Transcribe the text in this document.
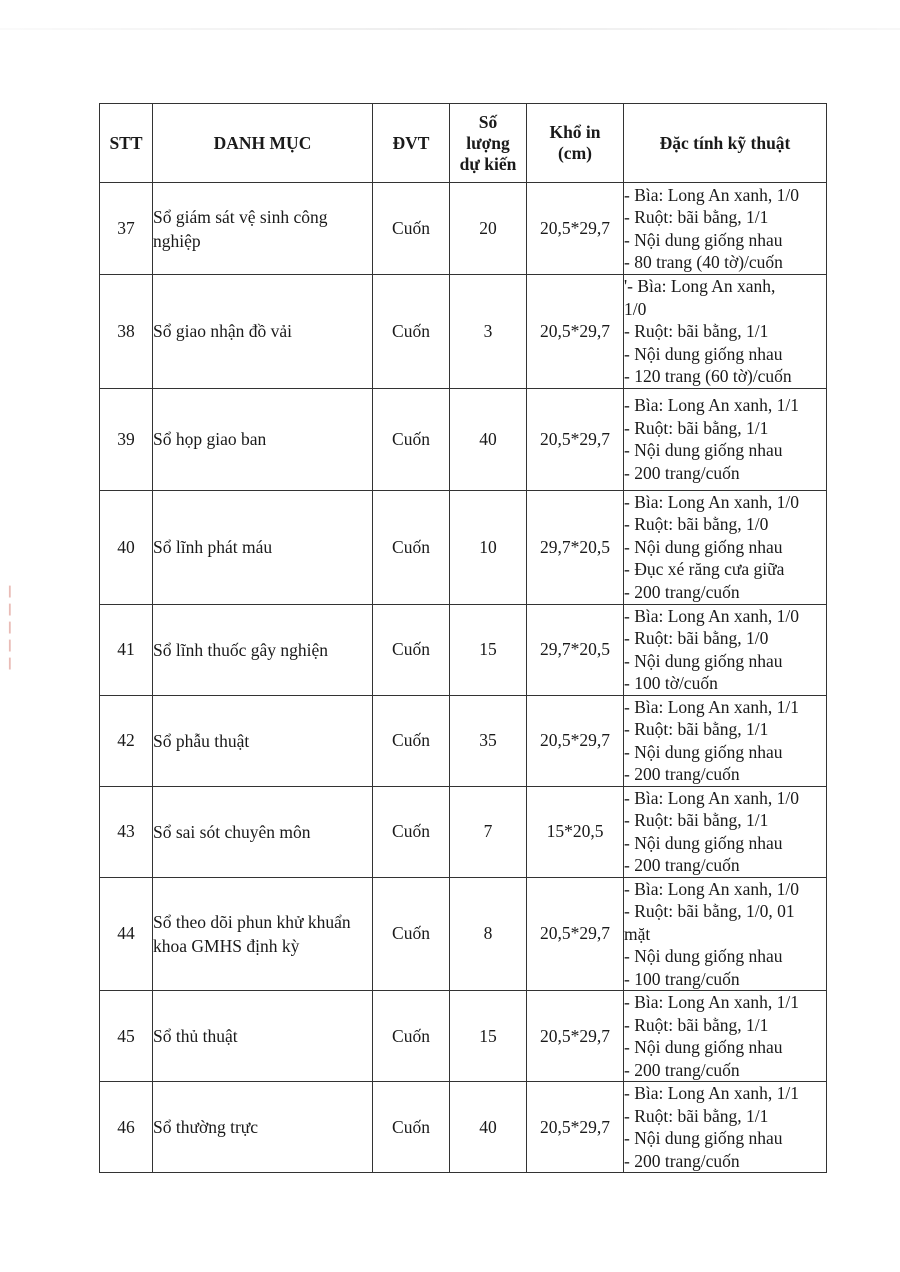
▕▏
▕▏
▕▏
▕▏
▕▏
STT	DANH MỤC	ĐVT	Số
lượng
dự kiến	Khổ in
(cm)	Đặc tính kỹ thuật
37	Sổ giám sát vệ sinh công nghiệp	Cuốn	20	20,5*29,7	- Bìa: Long An xanh, 1/0
- Ruột: bãi bằng, 1/1
- Nội dung giống nhau
- 80 trang (40 tờ)/cuốn

38	Sổ giao nhận đồ vải	Cuốn	3	20,5*29,7	'- Bìa: Long An xanh,
1/0
- Ruột: bãi bằng, 1/1
- Nội dung giống nhau
- 120 trang (60 tờ)/cuốn

39	Sổ họp giao ban	Cuốn	40	20,5*29,7	- Bìa: Long An xanh, 1/1
- Ruột: bãi bằng, 1/1
- Nội dung giống nhau
- 200 trang/cuốn

40	Sổ lĩnh phát máu	Cuốn	10	29,7*20,5	- Bìa: Long An xanh, 1/0
- Ruột: bãi bằng, 1/0
- Nội dung giống nhau
- Đục xé răng cưa giữa
- 200 trang/cuốn

41	Sổ lĩnh thuốc gây nghiện	Cuốn	15	29,7*20,5	- Bìa: Long An xanh, 1/0
- Ruột: bãi bằng, 1/0
- Nội dung giống nhau
- 100 tờ/cuốn

42	Sổ phẫu thuật	Cuốn	35	20,5*29,7	- Bìa: Long An xanh, 1/1
- Ruột: bãi bằng, 1/1
- Nội dung giống nhau
- 200 trang/cuốn

43	Sổ sai sót chuyên môn	Cuốn	7	15*20,5	- Bìa: Long An xanh, 1/0
- Ruột: bãi bằng, 1/1
- Nội dung giống nhau
- 200 trang/cuốn

44	Sổ theo dõi phun khử khuẩn khoa GMHS định kỳ	Cuốn	8	20,5*29,7	- Bìa: Long An xanh, 1/0
- Ruột: bãi bằng, 1/0, 01
mặt
- Nội dung giống nhau
- 100 trang/cuốn

45	Sổ thủ thuật	Cuốn	15	20,5*29,7	- Bìa: Long An xanh, 1/1
- Ruột: bãi bằng, 1/1
- Nội dung giống nhau
- 200 trang/cuốn

46	Sổ thường trực	Cuốn	40	20,5*29,7	- Bìa: Long An xanh, 1/1
- Ruột: bãi bằng, 1/1
- Nội dung giống nhau
- 200 trang/cuốn
